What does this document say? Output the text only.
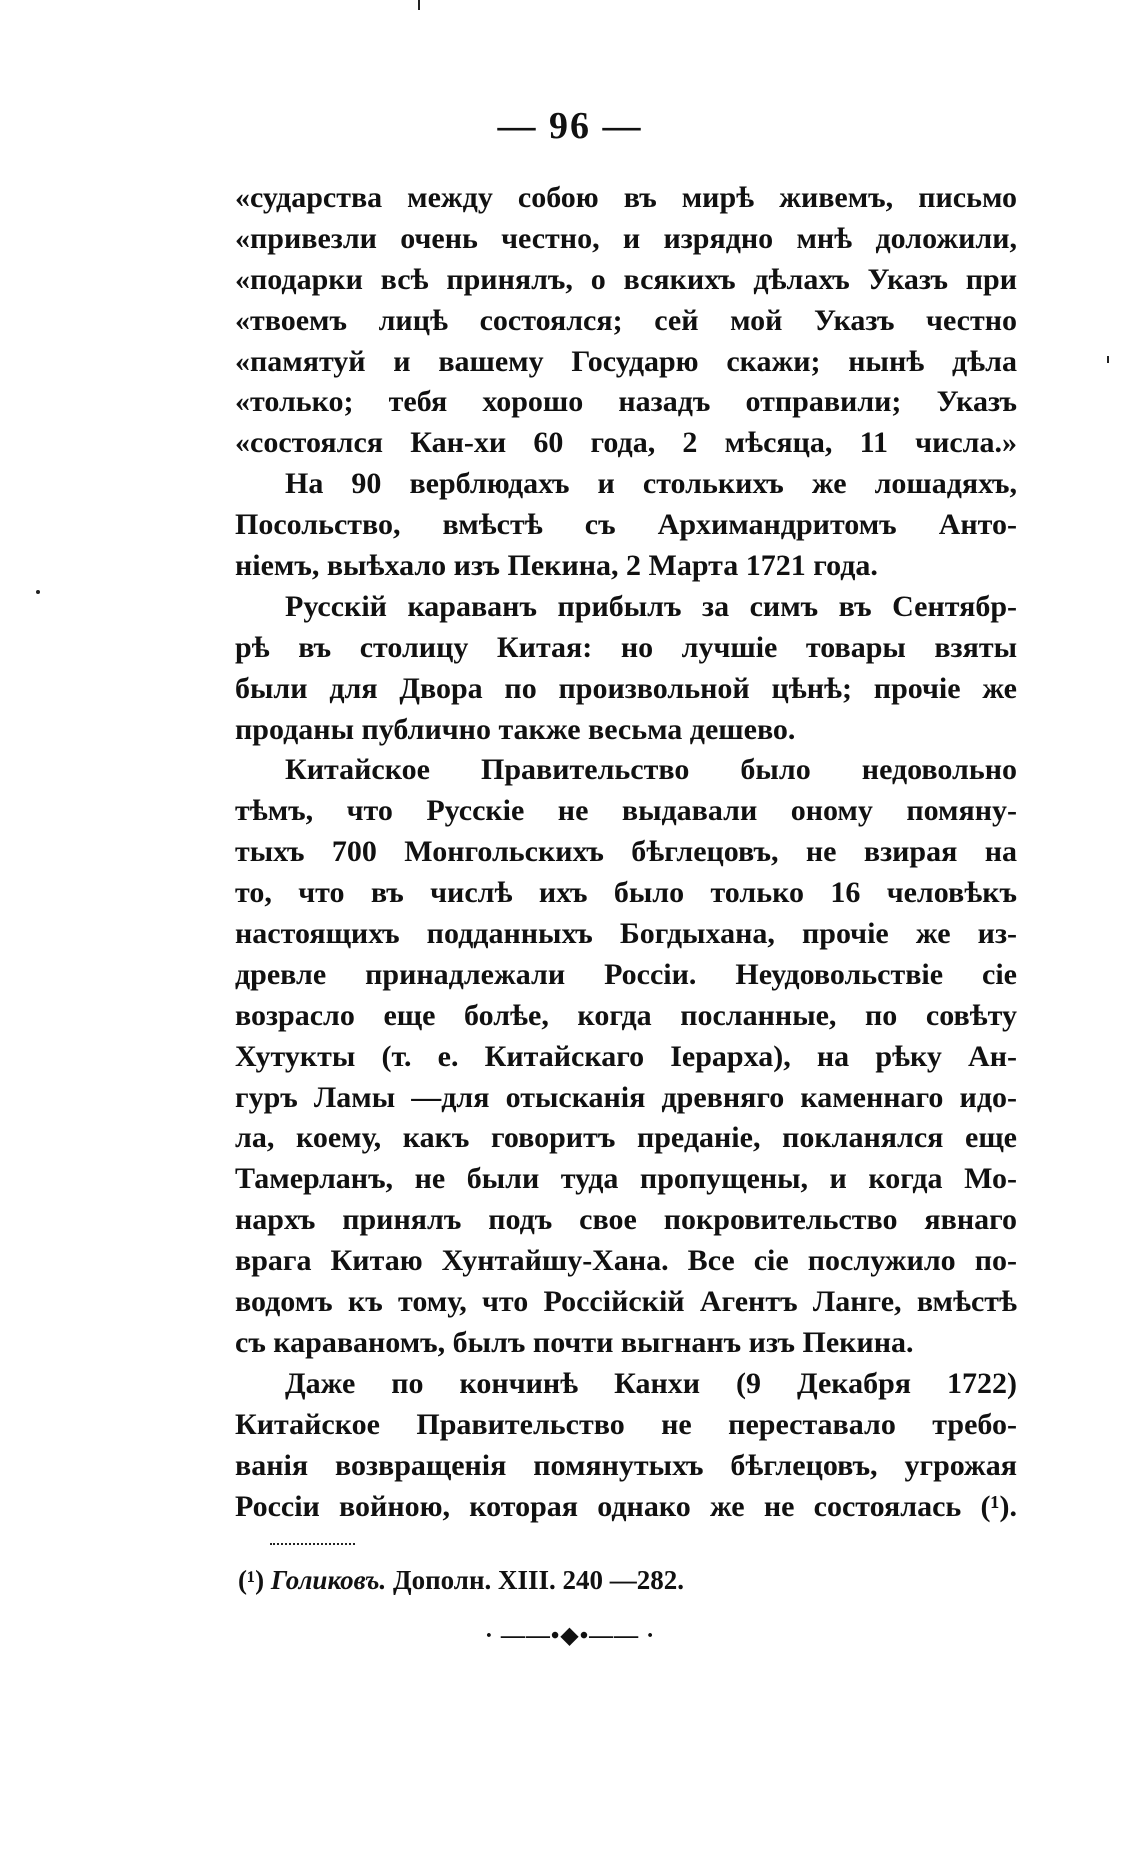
— 96 —
«сударства между собою въ мирѣ живемъ, письмо
«привезли очень честно, и изрядно мнѣ доложили,
«подарки всѣ принялъ, о всякихъ дѣлахъ Указъ при
«твоемъ лицѣ состоялся; сей мой Указъ честно
«памятуй и вашему Государю скажи; нынѣ дѣла
«только; тебя хорошо назадъ отправили; Указъ
«состоялся Кан-хи 60 года, 2 мѣсяца, 11 числа.»
На 90 верблюдахъ и столькихъ же лошадяхъ,
Посольство, вмѣстѣ съ Архимандритомъ Анто-
ніемъ, выѣхало изъ Пекина, 2 Марта 1721 года.
Русскій караванъ прибылъ за симъ въ Сентябр-
рѣ въ столицу Китая: но лучшіе товары взяты
были для Двора по произвольной цѣнѣ; прочіе же
проданы публично также весьма дешево.
Китайское Правительство было недовольно
тѣмъ, что Русскіе не выдавали оному помяну-
тыхъ 700 Монгольскихъ бѣглецовъ, не взирая на
то, что въ числѣ ихъ было только 16 человѣкъ
настоящихъ подданныхъ Богдыхана, прочіе же из-
древле принадлежали Россіи. Неудовольствіе сіе
возрасло еще болѣе, когда посланные, по совѣту
Хутукты (т. е. Китайскаго Іерарха), на рѣку Ан-
гуръ Ламы —для отысканія древняго каменнаго идо-
ла, коему, какъ говоритъ преданіе, покланялся еще
Тамерланъ, не были туда пропущены, и когда Мо-
нархъ принялъ подъ свое покровительство явнаго
врага Китаю Хунтайшу-Хана. Все сіе послужило по-
водомъ къ тому, что Россійскій Агентъ Ланге, вмѣстѣ
съ караваномъ, былъ почти выгнанъ изъ Пекина.
Даже по кончинѣ Канхи (9 Декабря 1722)
Китайское Правительство не переставало требо-
ванія возвращенія помянутыхъ бѣглецовъ, угрожая
Россіи войною, которая однако же не состоялась (¹).
(¹) Голиковъ. Дополн. XIII. 240 —282.
· ——•◆•—— ·
